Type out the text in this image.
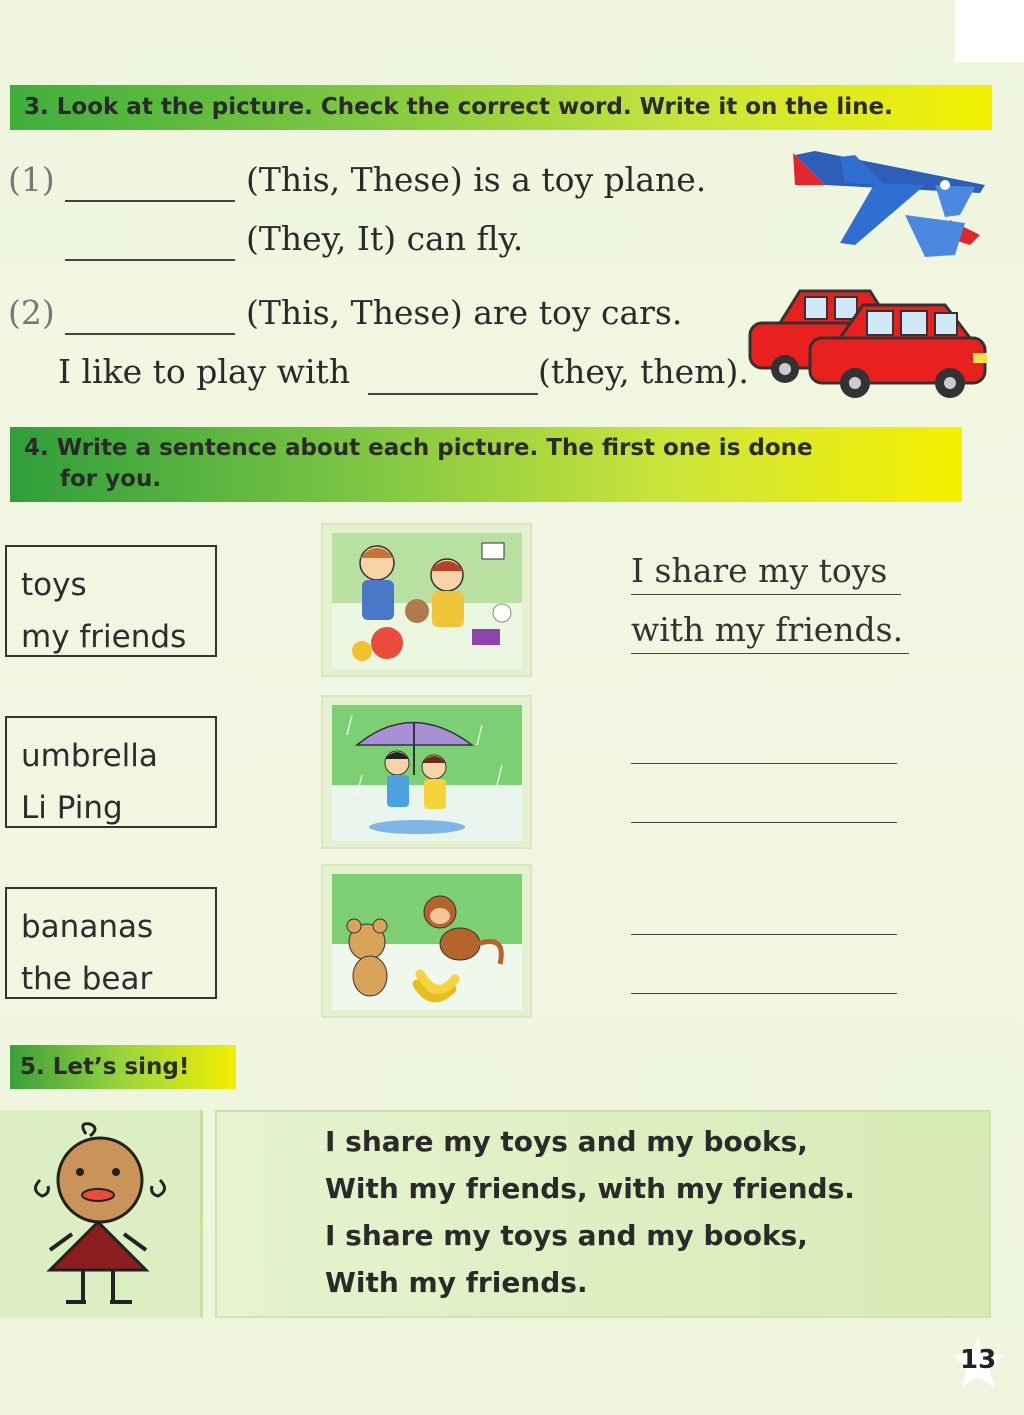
3. Look at the picture. Check the correct word. Write it on the line.
(1)	(This, These) is a toy plane.
(They, It) can fly.
(2)	(This, These) are toy cars.
I like to play with	(they, them).
4. Write a sentence about each picture. The first one is done
for you.
toys
my friends
I share my toys
with my friends.
umbrella
Li Ping
bananas
the bear
5. Let’s sing!
I share my toys and my books,
With my friends, with my friends.
I share my toys and my books,
With my friends.
13
